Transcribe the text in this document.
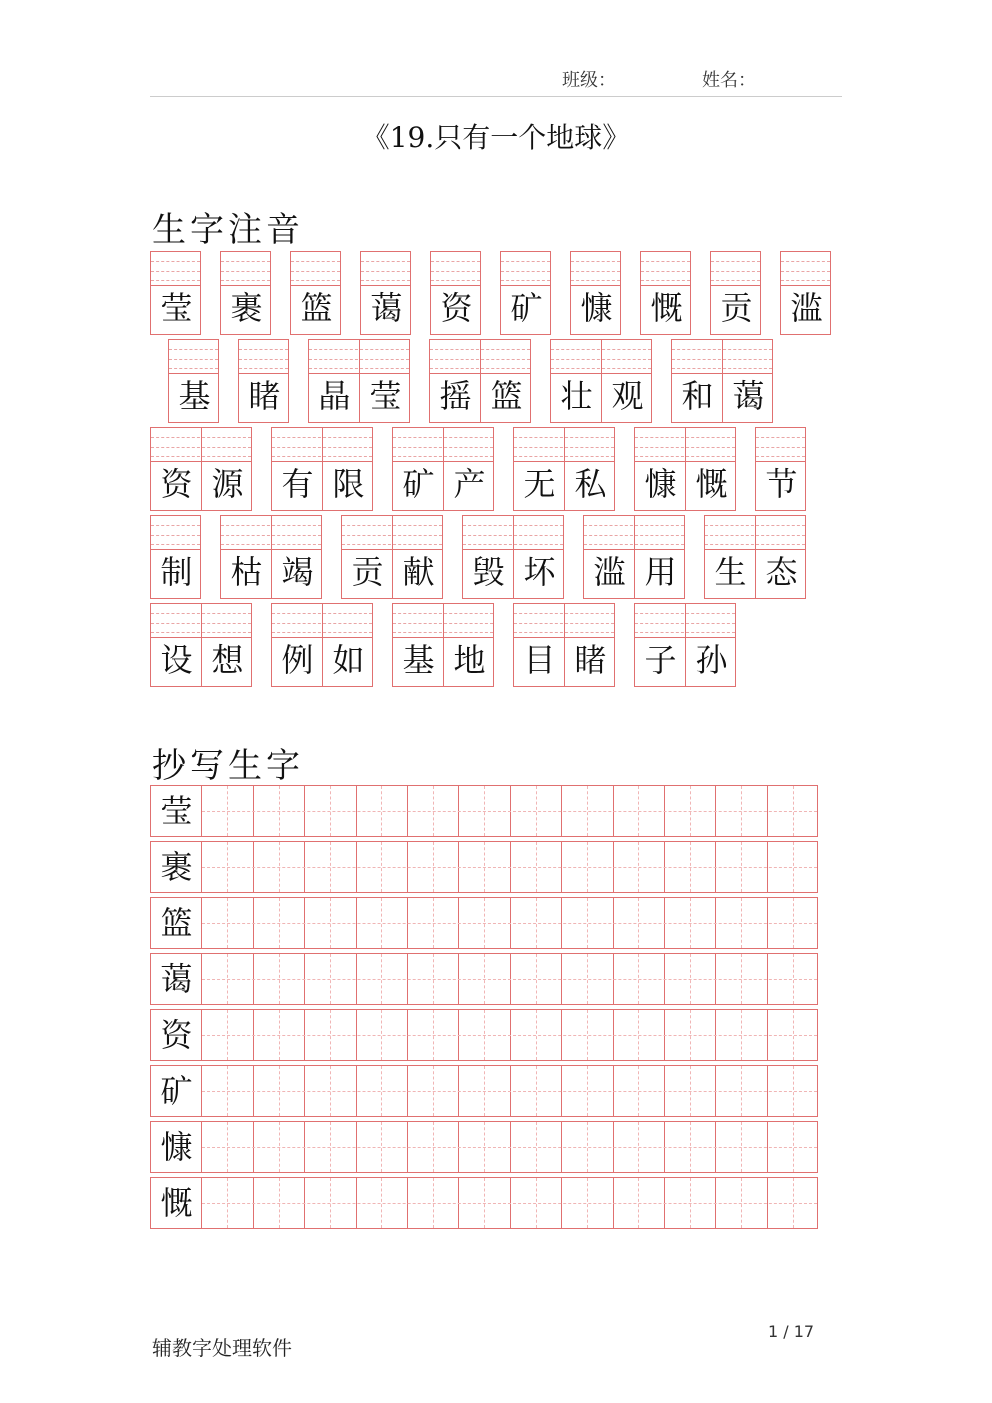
班级：	姓名：
《19.只有一个地球》
生字注音
莹 裹 篮 蔼 资 矿 慷 慨 贡 滥
基 睹 晶 莹 摇 篮 壮 观 和 蔼
资 源 有 限 矿 产 无 私 慷 慨 节
制 枯 竭 贡 献 毁 坏 滥 用 生 态
设 想 例 如 基 地 目 睹 子 孙
抄写生字
莹
裹
篮
蔼
资
矿
慷
慨
辅教字处理软件
1 / 17
